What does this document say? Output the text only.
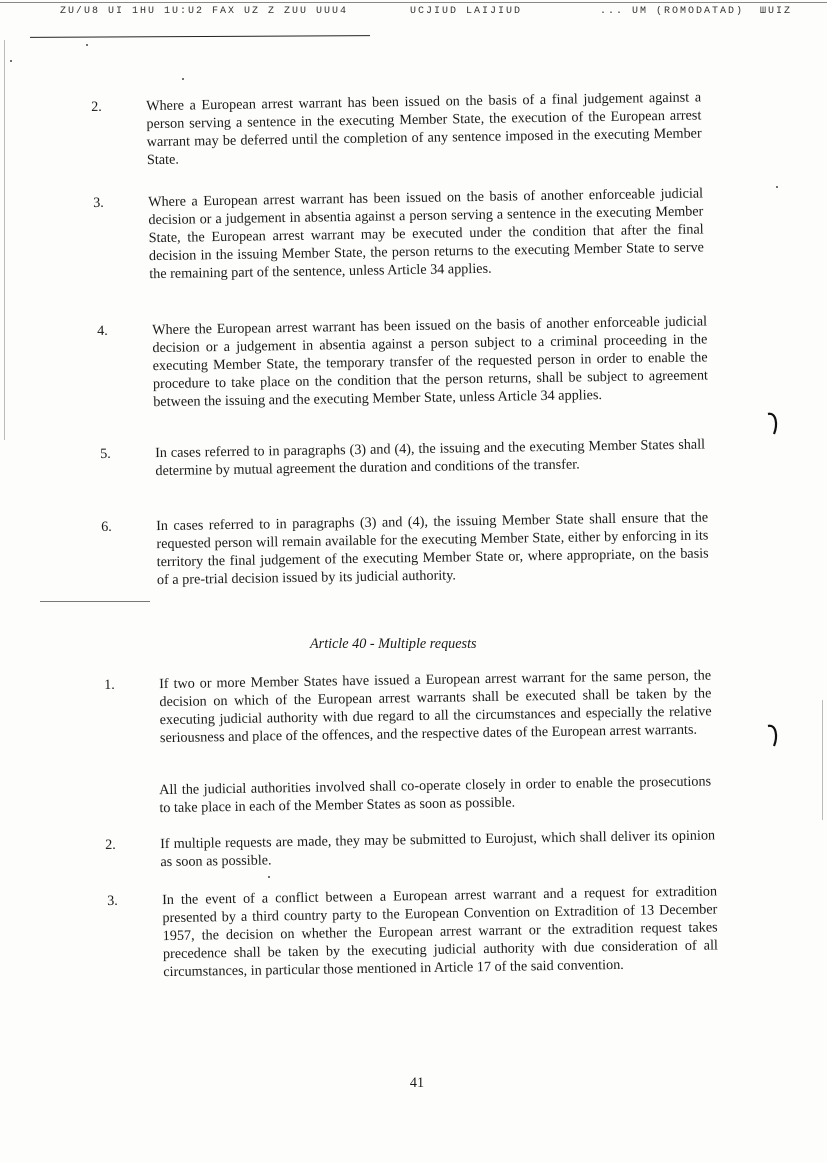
ZU/U8 UI 1HU 1U:U2 FAX UZ Z ZUU UUU4	UCJIUD LAIJIUD	... UM (ROMODATAD) ШUIZ
2.	Where a European arrest warrant has been issued on the basis of a final judgement against a person serving a sentence in the executing Member State, the execution of the European arrest warrant may be deferred until the completion of any sentence imposed in the executing Member State.
3.	Where a European arrest warrant has been issued on the basis of another enforceable judicial decision or a judgement in absentia against a person serving a sentence in the executing Member State, the European arrest warrant may be executed under the condition that after the final decision in the issuing Member State, the person returns to the executing Member State to serve the remaining part of the sentence, unless Article 34 applies.
4.	Where the European arrest warrant has been issued on the basis of another enforceable judicial decision or a judgement in absentia against a person subject to a criminal proceeding in the executing Member State, the temporary transfer of the requested person in order to enable the procedure to take place on the condition that the person returns, shall be subject to agreement between the issuing and the executing Member State, unless Article 34 applies.
5.	In cases referred to in paragraphs (3) and (4), the issuing and the executing Member States shall determine by mutual agreement the duration and conditions of the transfer.
6.	In cases referred to in paragraphs (3) and (4), the issuing Member State shall ensure that the requested person will remain available for the executing Member State, either by enforcing in its territory the final judgement of the executing Member State or, where appropriate, on the basis of a pre-trial decision issued by its judicial authority.
Article 40 - Multiple requests
1.	If two or more Member States have issued a European arrest warrant for the same person, the decision on which of the European arrest warrants shall be executed shall be taken by the executing judicial authority with due regard to all the circumstances and especially the relative seriousness and place of the offences, and the respective dates of the European arrest warrants.
All the judicial authorities involved shall co-operate closely in order to enable the prosecutions to take place in each of the Member States as soon as possible.
2.	If multiple requests are made, they may be submitted to Eurojust, which shall deliver its opinion as soon as possible.
3.	In the event of a conflict between a European arrest warrant and a request for extradition presented by a third country party to the European Convention on Extradition of 13 December 1957, the decision on whether the European arrest warrant or the extradition request takes precedence shall be taken by the executing judicial authority with due consideration of all circumstances, in particular those mentioned in Article 17 of the said convention.
41
